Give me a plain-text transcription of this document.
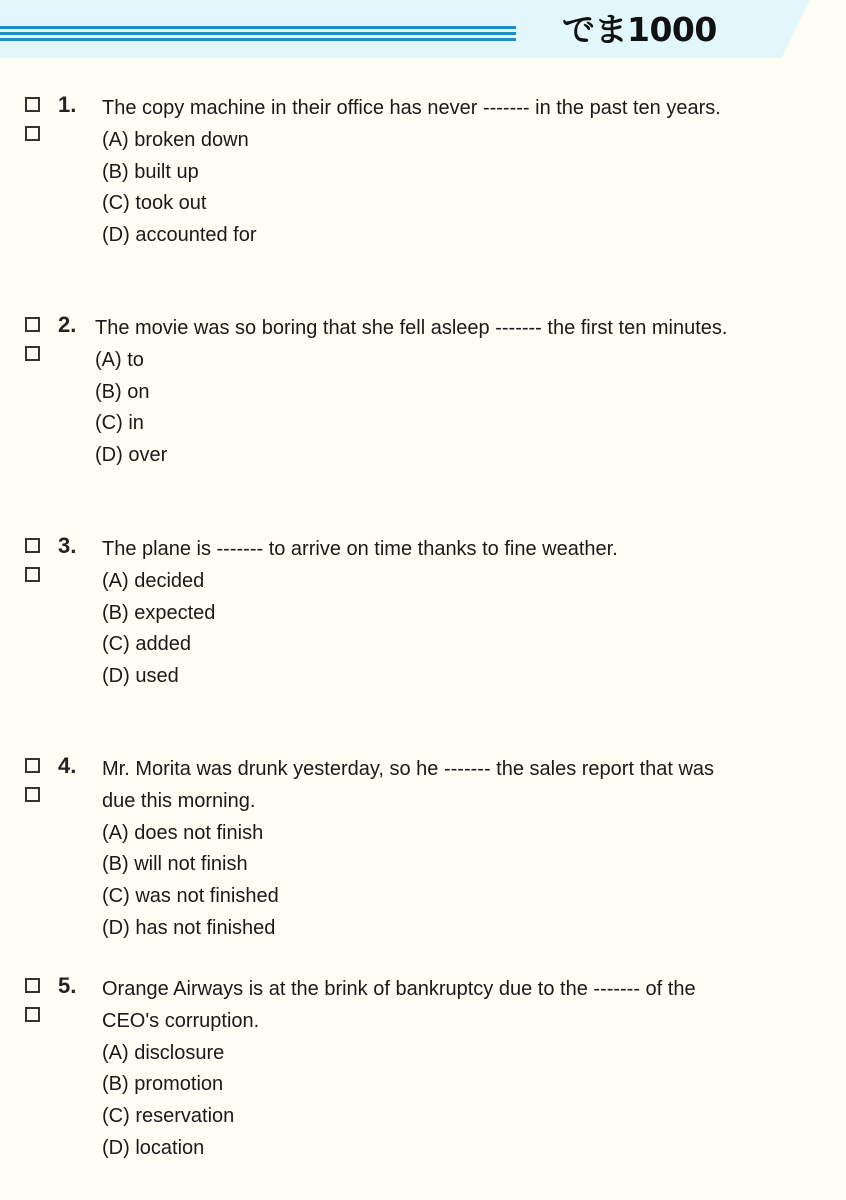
でま1000
1. The copy machine in their office has never ------- in the past ten years.
(A) broken down
(B) built up
(C) took out
(D) accounted for
2. The movie was so boring that she fell asleep ------- the first ten minutes.
(A) to
(B) on
(C) in
(D) over
3. The plane is ------- to arrive on time thanks to fine weather.
(A) decided
(B) expected
(C) added
(D) used
4. Mr. Morita was drunk yesterday, so he ------- the sales report that was
due this morning.
(A) does not finish
(B) will not finish
(C) was not finished
(D) has not finished
5. Orange Airways is at the brink of bankruptcy due to the ------- of the
CEO's corruption.
(A) disclosure
(B) promotion
(C) reservation
(D) location
